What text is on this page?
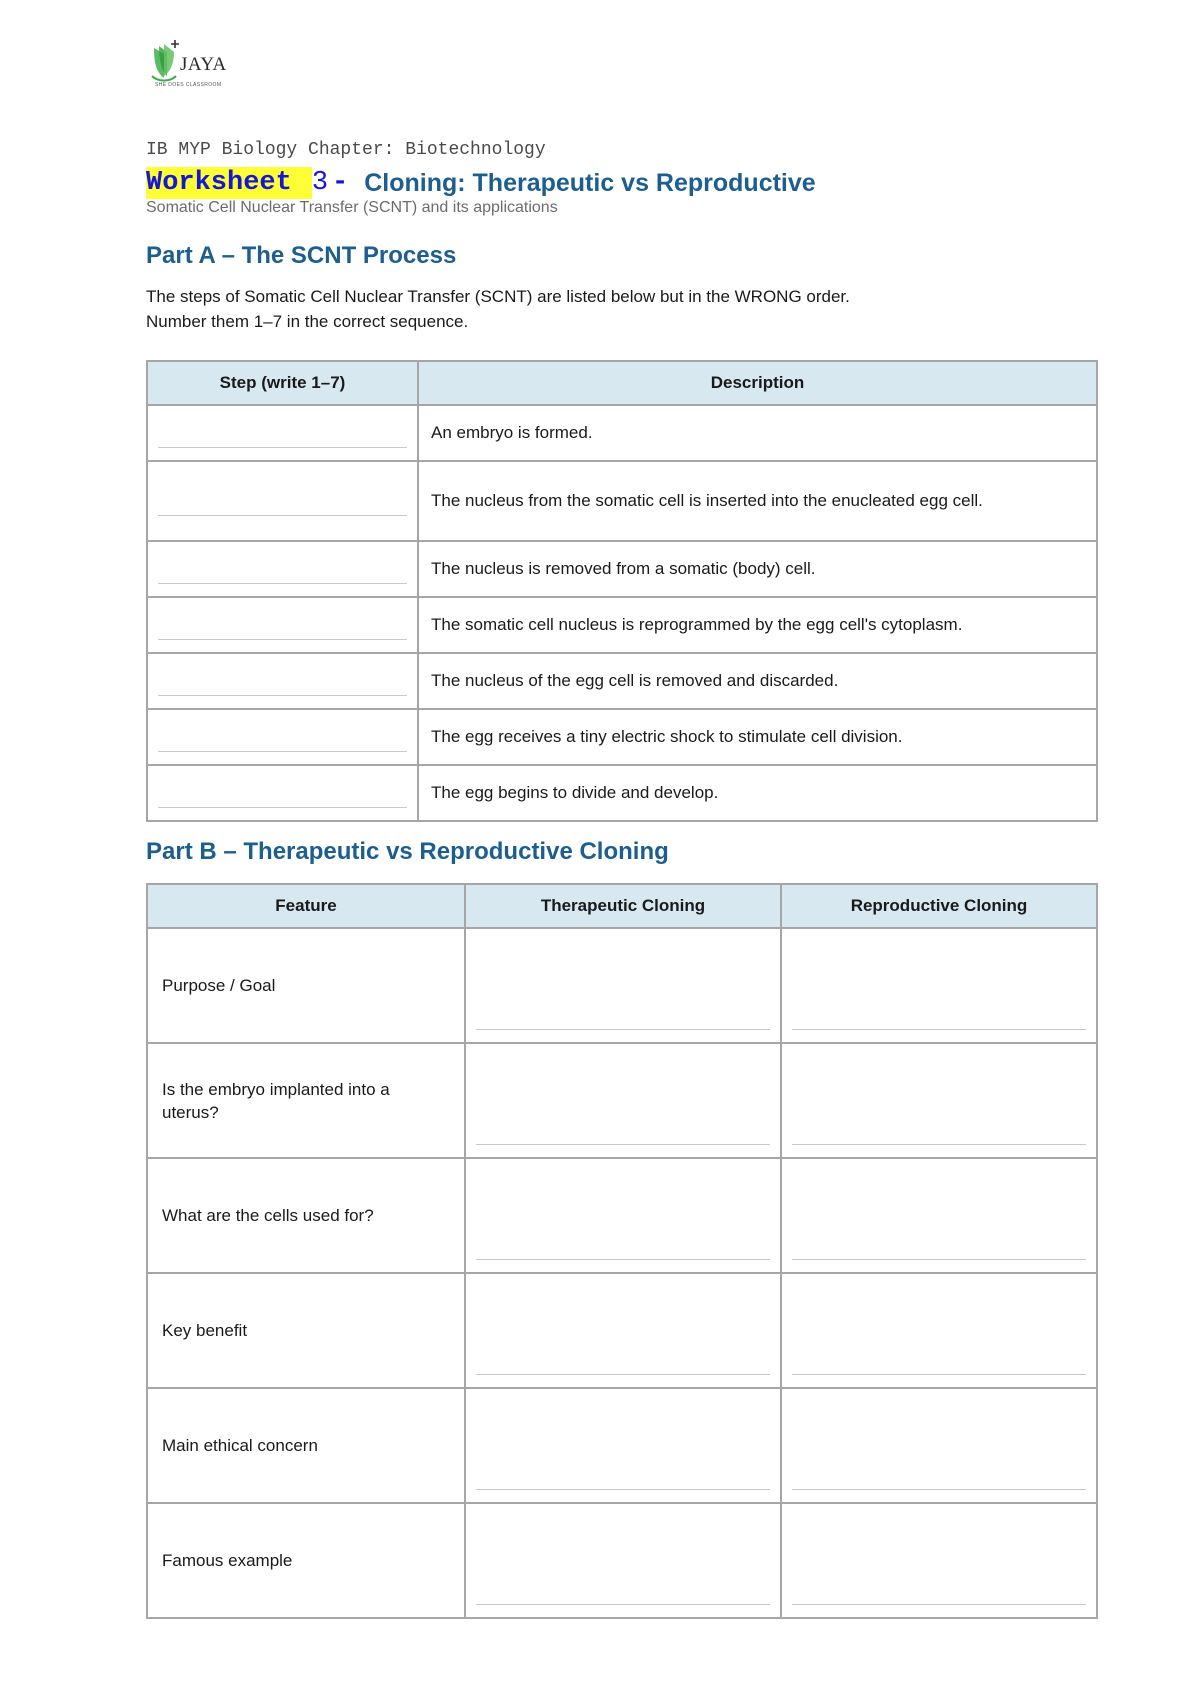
JAYA
SHE DOES CLASSROOM
IB MYP Biology Chapter: Biotechnology
Worksheet 3 - Cloning: Therapeutic vs Reproductive
Somatic Cell Nuclear Transfer (SCNT) and its applications
Part A – The SCNT Process
The steps of Somatic Cell Nuclear Transfer (SCNT) are listed below but in the WRONG order.
Number them 1–7 in the correct sequence.
Step (write 1–7)	Description

	An embryo is formed.

	The nucleus from the somatic cell is inserted into the enucleated egg cell.

	The nucleus is removed from a somatic (body) cell.

	The somatic cell nucleus is reprogrammed by the egg cell's cytoplasm.

	The nucleus of the egg cell is removed and discarded.

	The egg receives a tiny electric shock to stimulate cell division.

	The egg begins to divide and develop.
Part B – Therapeutic vs Reproductive Cloning
Feature	Therapeutic Cloning	Reproductive Cloning
Purpose / Goal	

Is the embryo implanted into a uterus?	

What are the cells used for?	

Key benefit	

Main ethical concern	

Famous example	
